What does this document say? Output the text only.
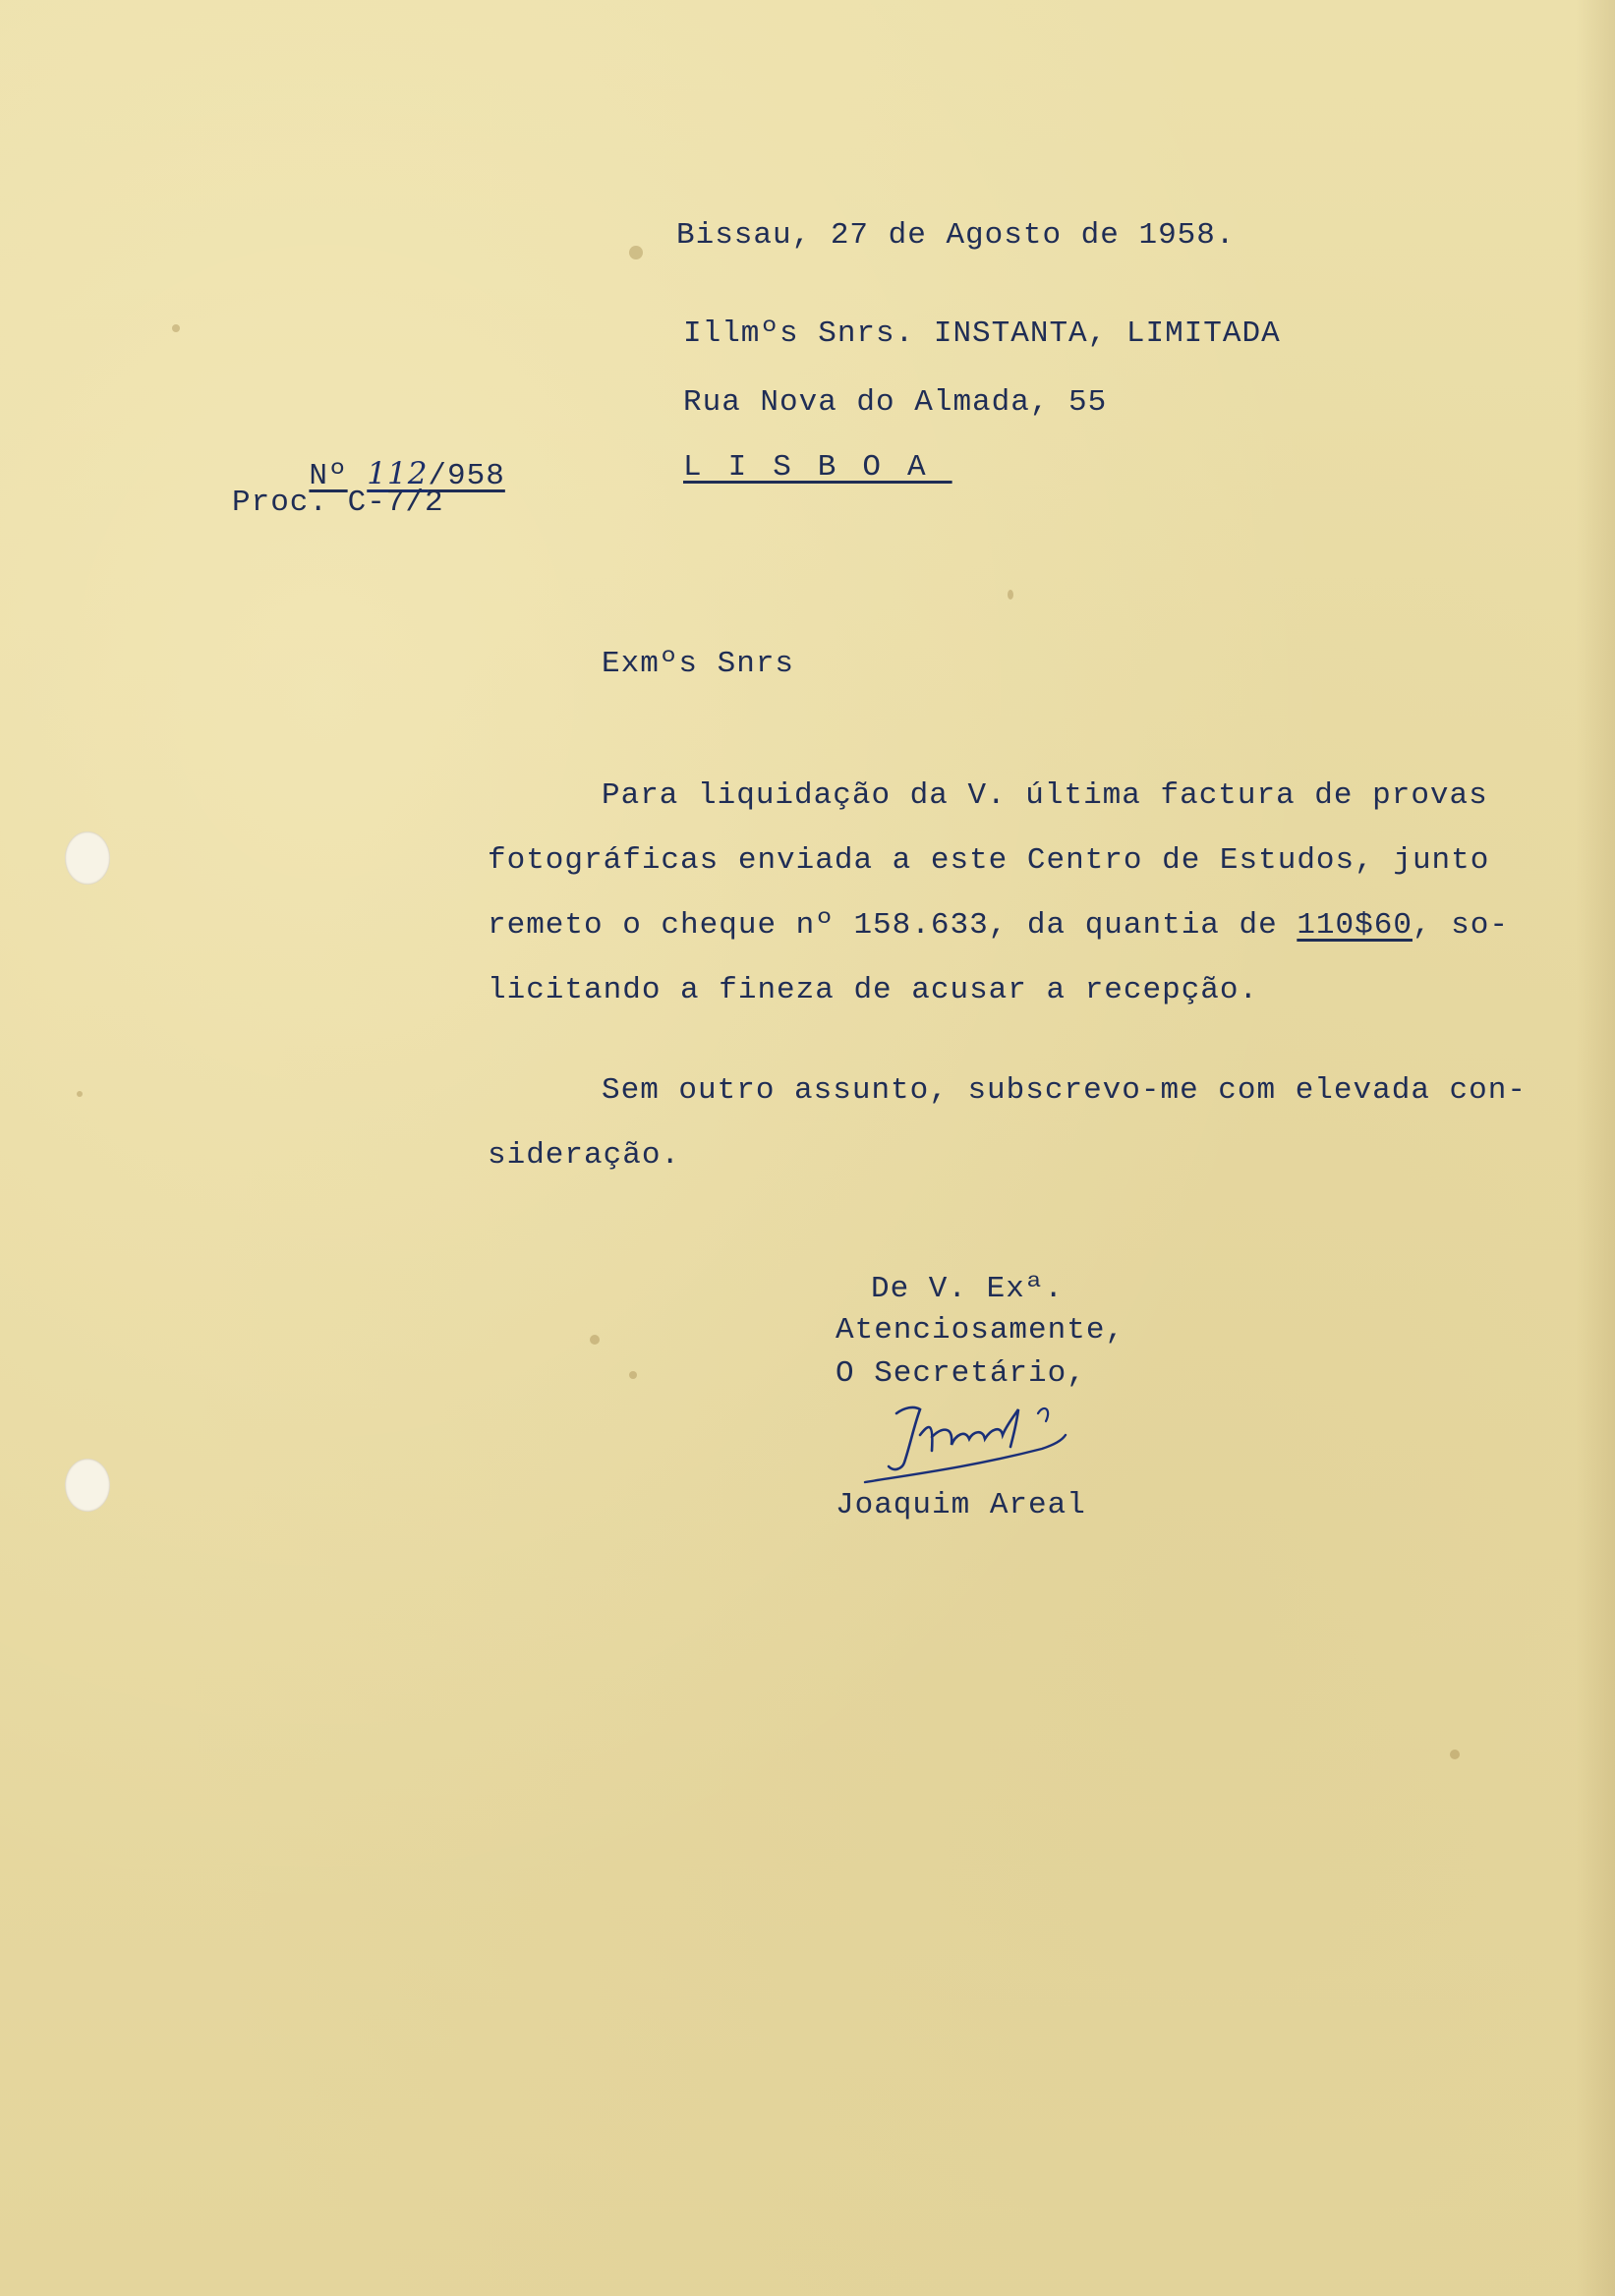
Bissau, 27 de Agosto de 1958.
Illmºs Snrs. INSTANTA, LIMITADA
Rua Nova do Almada, 55
LISBOA

Nº 112/958

Proc. C-7/2
Exmºs Snrs
Para liquidação da V. última factura de provas
fotográficas enviada a este Centro de Estudos, junto
remeto o cheque nº 158.633, da quantia de 110$60, so-
licitando a fineza de acusar a recepção.
Sem outro assunto, subscrevo-me com elevada con-
sideração.
De V. Exª.
Atenciosamente,
O Secretário,
Joaquim Areal
